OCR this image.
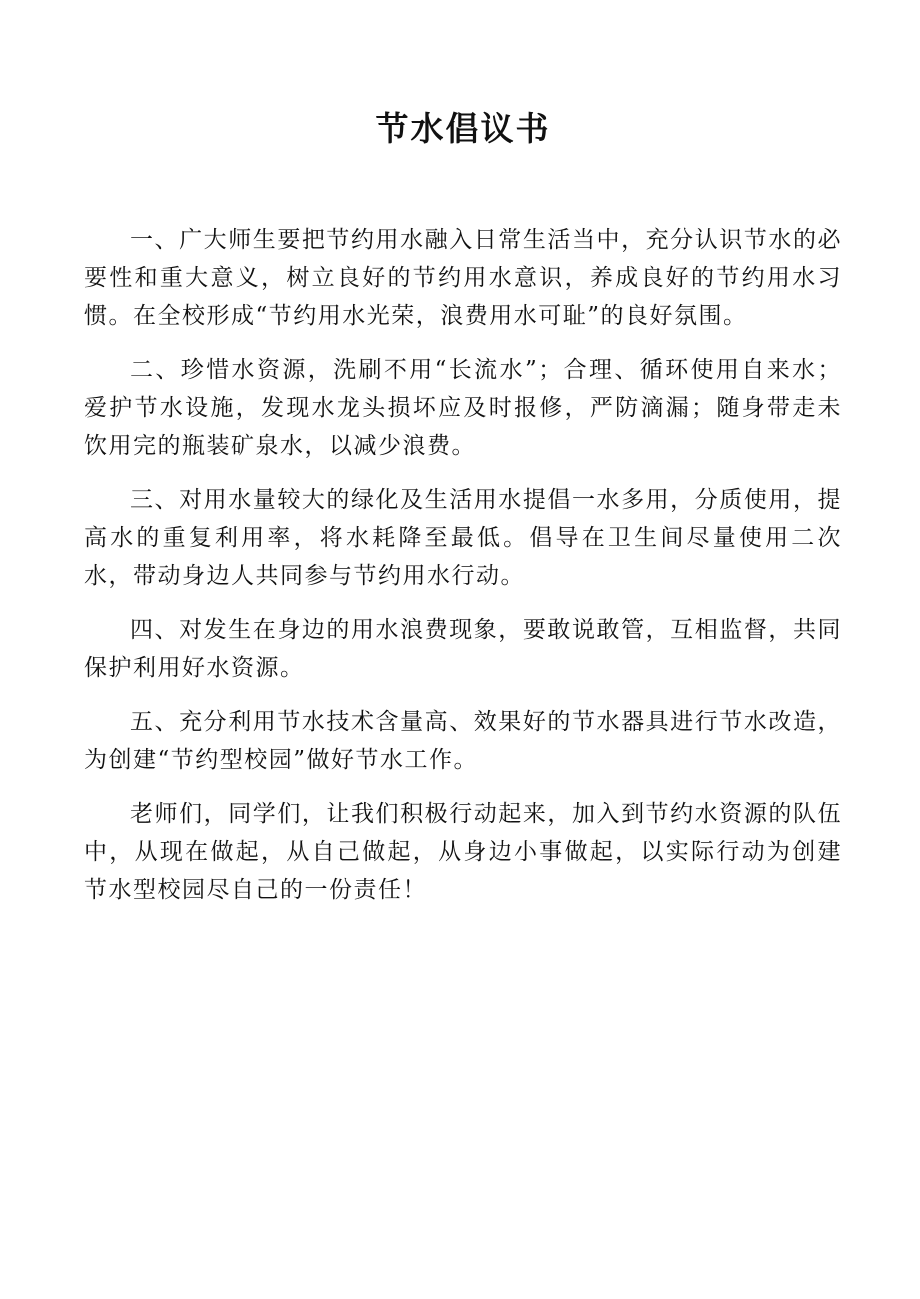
节水倡议书

一、广大师生要把节约用水融入日常生活当中，充分认识节水的必要性和重大意义，树立良好的节约用水意识，养成良好的节约用水习惯。在全校形成“节约用水光荣，浪费用水可耻”的良好氛围。

二、珍惜水资源，洗刷不用“长流水”；合理、循环使用自来水；爱护节水设施，发现水龙头损坏应及时报修，严防滴漏；随身带走未饮用完的瓶装矿泉水，以减少浪费。

三、对用水量较大的绿化及生活用水提倡一水多用，分质使用，提高水的重复利用率，将水耗降至最低。倡导在卫生间尽量使用二次水，带动身边人共同参与节约用水行动。

四、对发生在身边的用水浪费现象，要敢说敢管，互相监督，共同保护利用好水资源。

五、充分利用节水技术含量高、效果好的节水器具进行节水改造，为创建“节约型校园”做好节水工作。

老师们，同学们，让我们积极行动起来，加入到节约水资源的队伍中，从现在做起，从自己做起，从身边小事做起，以实际行动为创建节水型校园尽自己的一份责任！
